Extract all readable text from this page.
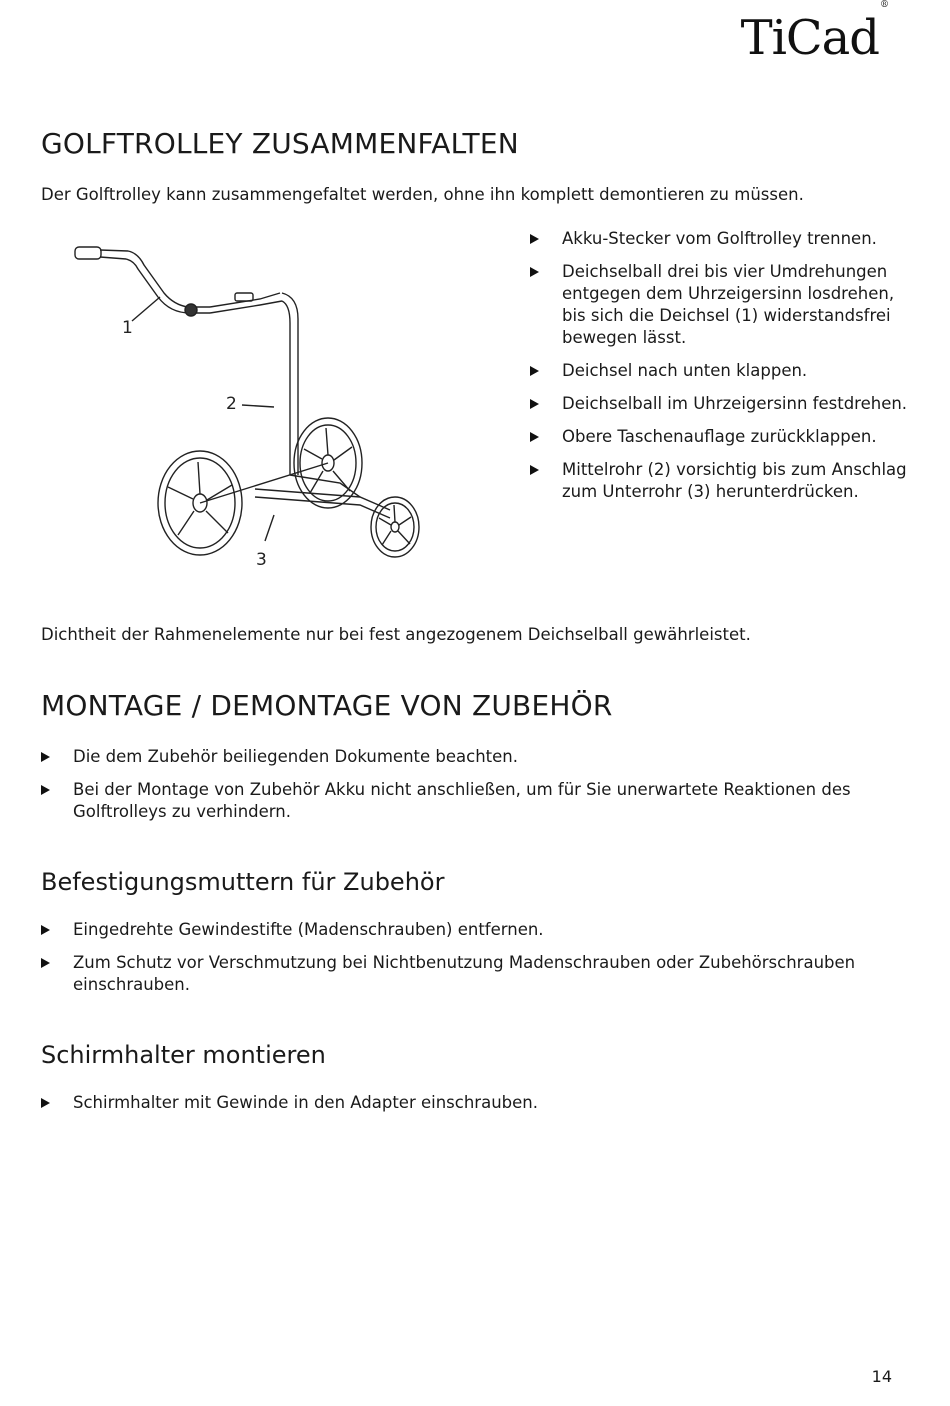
TiCad®
GOLFTROLLEY ZUSAMMENFALTEN

Der Golftrolley kann zusammengefaltet werden, ohne ihn komplett demontieren zu müssen.

1
2
3
Akku-Stecker vom Golftrolley trennen.
Deichselball drei bis vier Umdrehungen entgegen dem Uhrzeigersinn losdrehen, bis sich die Deichsel (1) widerstandsfrei bewegen lässt.
Deichsel nach unten klappen.
Deichselball im Uhrzeigersinn festdrehen.
Obere Taschenauflage zurückklappen.
Mittelrohr (2) vorsichtig bis zum Anschlag zum Unterrohr (3) herunterdrücken.

Dichtheit der Rahmenelemente nur bei fest angezogenem Deichselball gewährleistet.

MONTAGE / DEMONTAGE VON ZUBEHÖR
Die dem Zubehör beiliegenden Dokumente beachten.
Bei der Montage von Zubehör Akku nicht anschließen, um für Sie unerwartete Reaktionen des Golftrolleys zu verhindern.
Befestigungsmuttern für Zubehör
Eingedrehte Gewindestifte (Madenschrauben) entfernen.
Zum Schutz vor Verschmutzung bei Nichtbenutzung Madenschrauben oder Zubehörschrauben einschrauben.
Schirmhalter montieren
Schirmhalter mit Gewinde in den Adapter einschrauben.
14
